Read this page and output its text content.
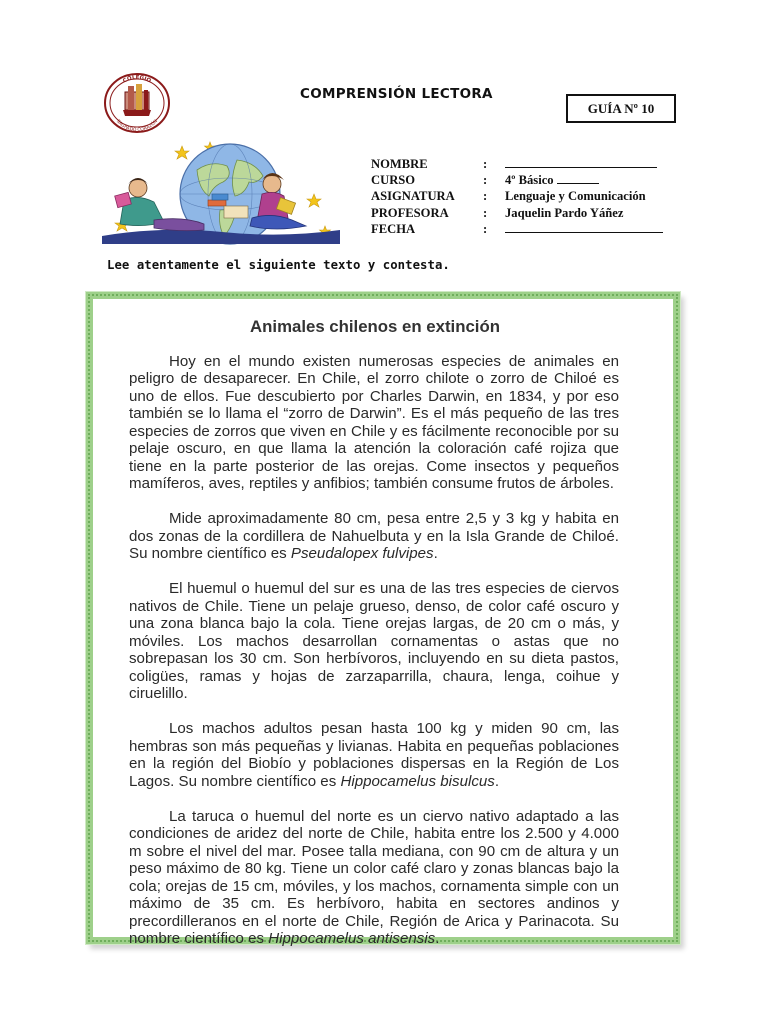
COLEGIO
SAGRADO CORAZÓN
COMPRENSIÓN LECTORA
GUÍA Nº 10
NOMBRE	:
CURSO	:	4º Básico
ASIGNATURA	:	Lenguaje y Comunicación
PROFESORA	:	Jaquelin Pardo Yáñez
FECHA	:
Lee atentamente el siguiente texto y contesta.
Animales chilenos en extinción

Hoy en el mundo existen numerosas especies de animales en peligro de desaparecer. En Chile, el zorro chilote o zorro de Chiloé es uno de ellos. Fue descubierto por Charles Darwin, en 1834, y por eso también se lo llama el “zorro de Darwin”. Es el más pequeño de las tres especies de zorros que viven en Chile y es fácilmente reconocible por su pelaje oscuro, en que llama la atención la coloración café rojiza que tiene en la parte posterior de las orejas. Come insectos y pequeños mamíferos, aves, reptiles y anfibios; también consume frutos de árboles.

Mide aproximadamente 80 cm, pesa entre 2,5 y 3 kg y habita en dos zonas de la cordillera de Nahuelbuta y en la Isla Grande de Chiloé. Su nombre científico es Pseudalopex fulvipes.

El huemul o huemul del sur es una de las tres especies de ciervos nativos de Chile. Tiene un pelaje grueso, denso, de color café oscuro y una zona blanca bajo la cola. Tiene orejas largas, de 20 cm o más, y móviles. Los machos desarrollan cornamentas o astas que no sobrepasan los 30 cm. Son herbívoros, incluyendo en su dieta pastos, coligües, ramas y hojas de zarzaparrilla, chaura, lenga, coihue y ciruelillo.

Los machos adultos pesan hasta 100 kg y miden 90 cm, las hembras son más pequeñas y livianas. Habita en pequeñas poblaciones en la región del Biobío y poblaciones dispersas en la Región de Los Lagos. Su nombre científico es Hippocamelus bisulcus.

La taruca o huemul del norte es un ciervo nativo adaptado a las condiciones de aridez del norte de Chile, habita entre los 2.500 y 4.000 m sobre el nivel del mar. Posee talla mediana, con 90 cm de altura y un peso máximo de 80 kg. Tiene un color café claro y zonas blancas bajo la cola; orejas de 15 cm, móviles, y los machos, cornamenta simple con un máximo de 35 cm. Es herbívoro, habita en sectores andinos y precordilleranos en el norte de Chile, Región de Arica y Parinacota. Su nombre científico es Hippocamelus antisensis.
